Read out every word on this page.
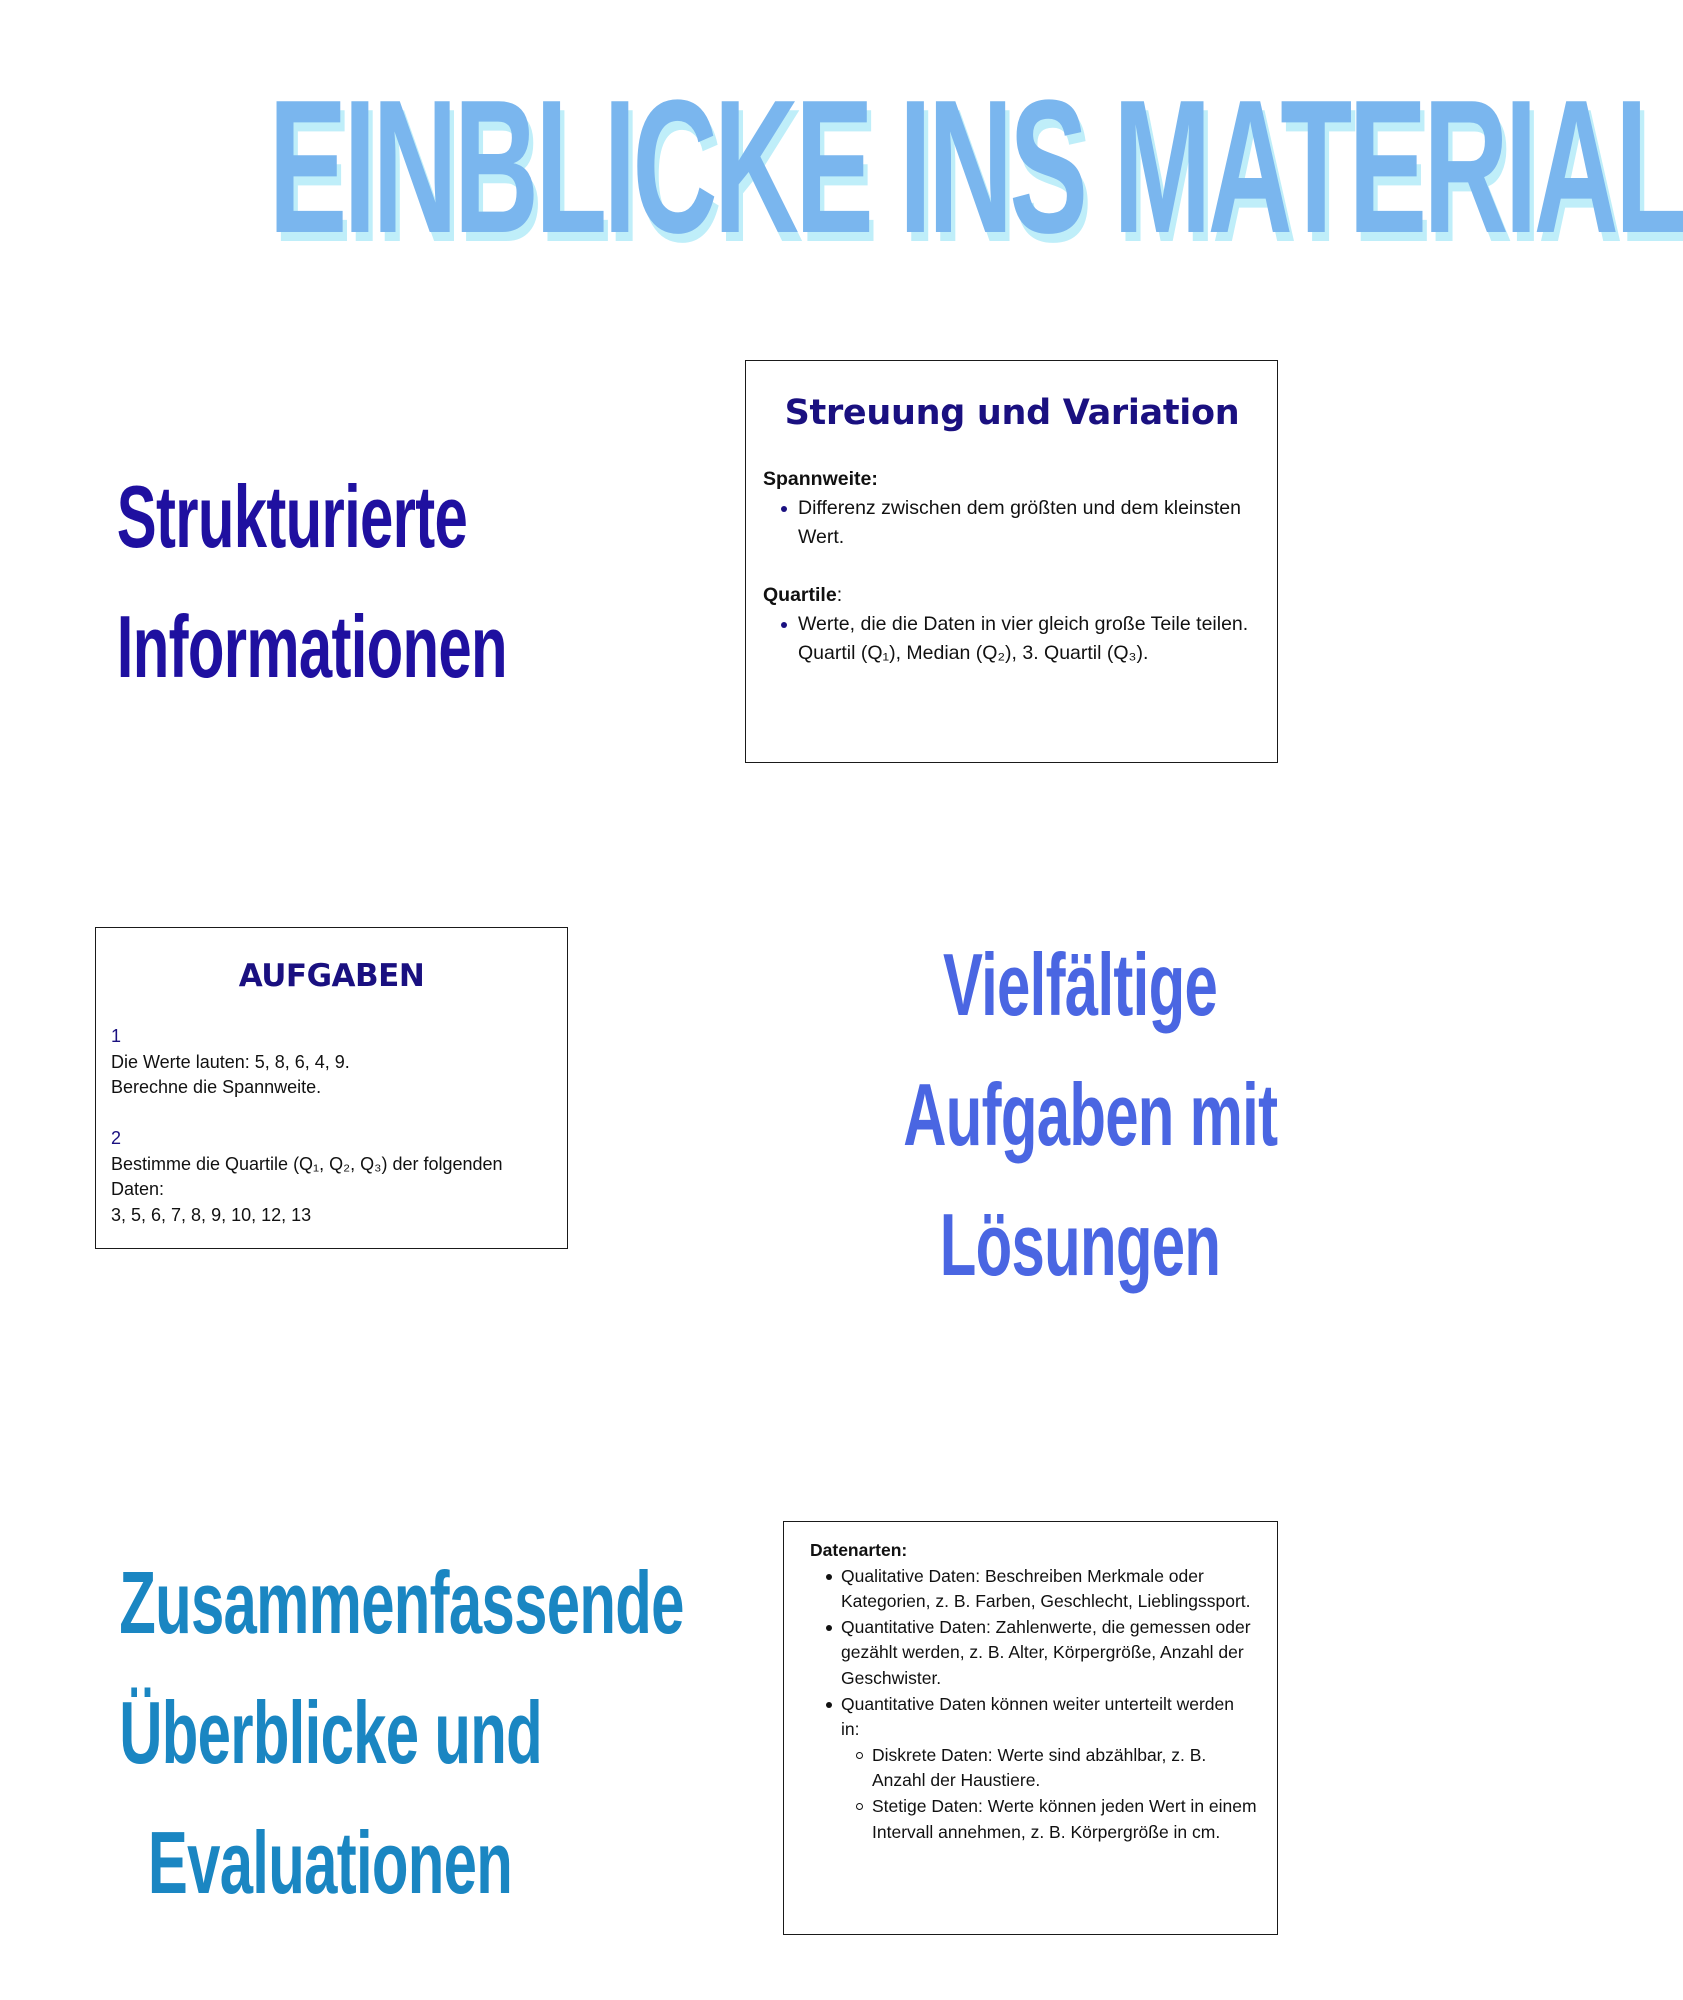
EINBLICKE INS MATERIAL
Strukturierte
Informationen
Streuung und Variation
Spannweite:
Differenz zwischen dem größten und dem kleinsten Wert.
Quartile:
Werte, die die Daten in vier gleich große Teile teilen.
Quartil (Q₁), Median (Q₂), 3. Quartil (Q₃).
AUFGABEN
1
Die Werte lauten: 5, 8, 6, 4, 9.
Berechne die Spannweite.
2
Bestimme die Quartile (Q₁, Q₂, Q₃) der folgenden Daten:
3, 5, 6, 7, 8, 9, 10, 12, 13
Vielfältige
Aufgaben mit
Lösungen
Zusammenfassende
Überblicke und
Evaluationen
Datenarten:
Qualitative Daten: Beschreiben Merkmale oder Kategorien, z. B. Farben, Geschlecht, Lieblingssport.
Quantitative Daten: Zahlenwerte, die gemessen oder gezählt werden, z. B. Alter, Körpergröße, Anzahl der Geschwister.
Quantitative Daten können weiter unterteilt werden in:
Diskrete Daten: Werte sind abzählbar, z. B. Anzahl der Haustiere.
Stetige Daten: Werte können jeden Wert in einem Intervall annehmen, z. B. Körpergröße in cm.
